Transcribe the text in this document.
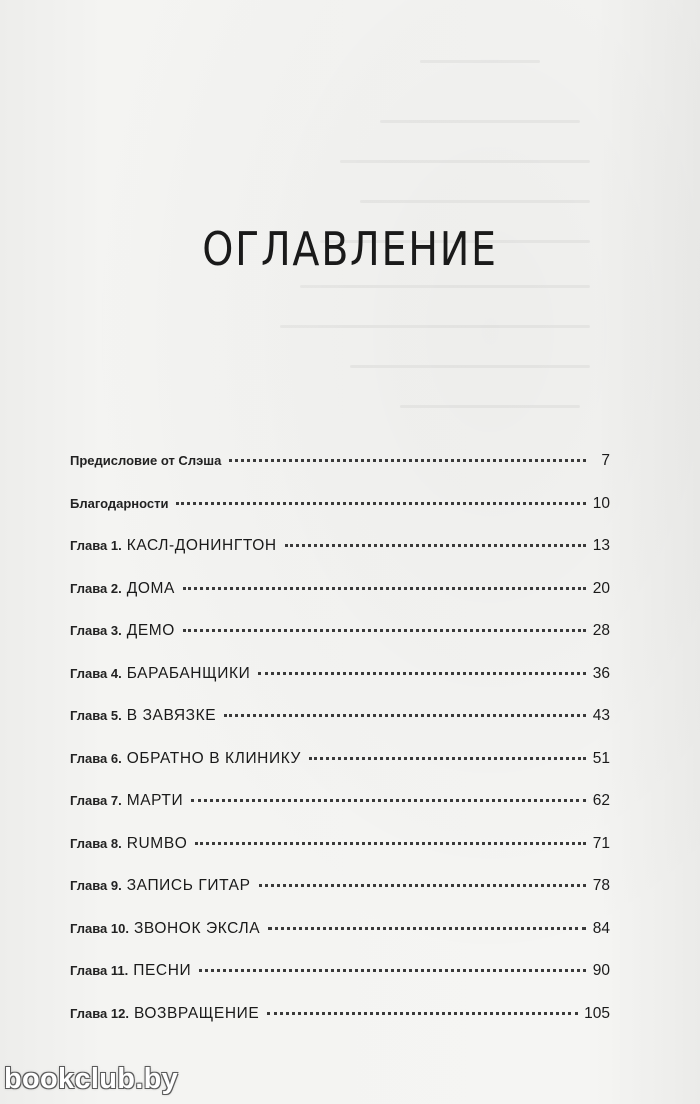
ОГЛАВЛЕНИЕ
Предисловие от Слэша	7
Благодарности	10
Глава 1. КАСЛ-ДОНИНГТОН	13
Глава 2. ДОМА	20
Глава 3. ДЕМО	28
Глава 4. БАРАБАНЩИКИ	36
Глава 5. В ЗАВЯЗКЕ	43
Глава 6. ОБРАТНО В КЛИНИКУ	51
Глава 7. МАРТИ	62
Глава 8. RUMBO	71
Глава 9. ЗАПИСЬ ГИТАР	78
Глава 10. ЗВОНОК ЭКСЛА	84
Глава 11. ПЕСНИ	90
Глава 12. ВОЗВРАЩЕНИЕ	105
bookclub.by
